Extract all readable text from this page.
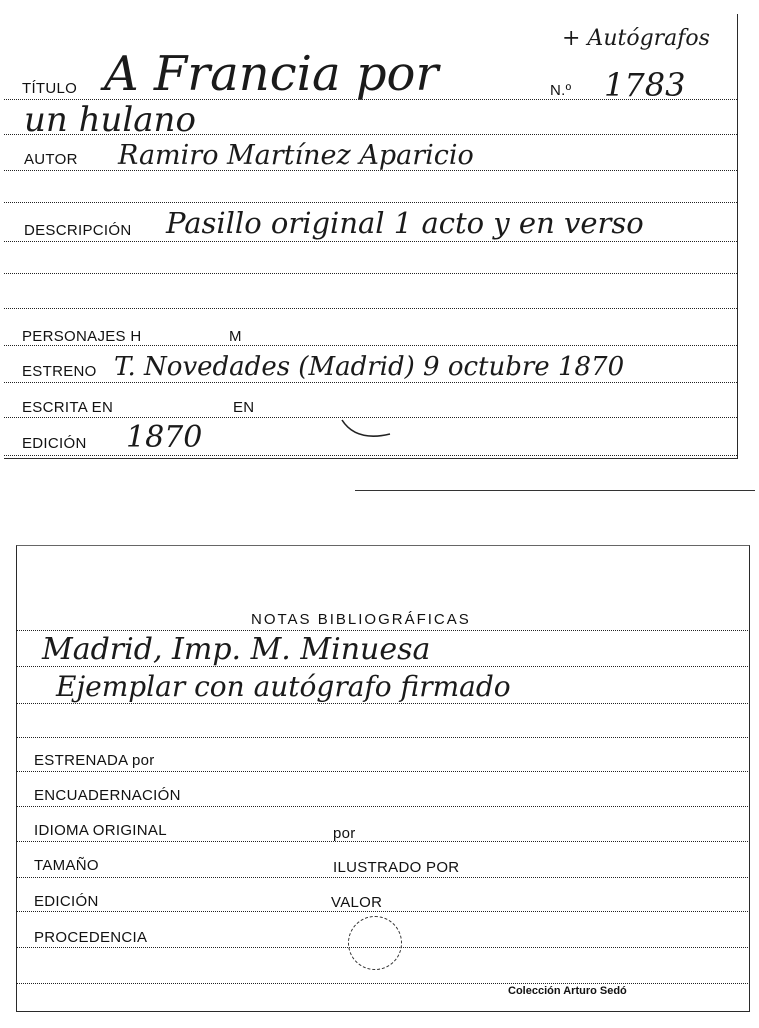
+ Autógrafos
TÍTULO A Francia por	N.º 1783
un hulano
AUTOR Ramiro Martínez Aparicio
DESCRIPCIÓN Pasillo original 1 acto y en verso
PERSONAJES H	M
ESTRENO T. Novedades (Madrid) 9 octubre 1870
ESCRITA EN	EN
EDICIÓN 1870
NOTAS BIBLIOGRÁFICAS
Madrid, Imp. M. Minuesa
Ejemplar con autógrafo firmado
ESTRENADA por
ENCUADERNACIÓN
IDIOMA ORIGINAL	por
TAMAÑO	ILUSTRADO POR
EDICIÓN	VALOR
PROCEDENCIA
Colección Arturo Sedó
